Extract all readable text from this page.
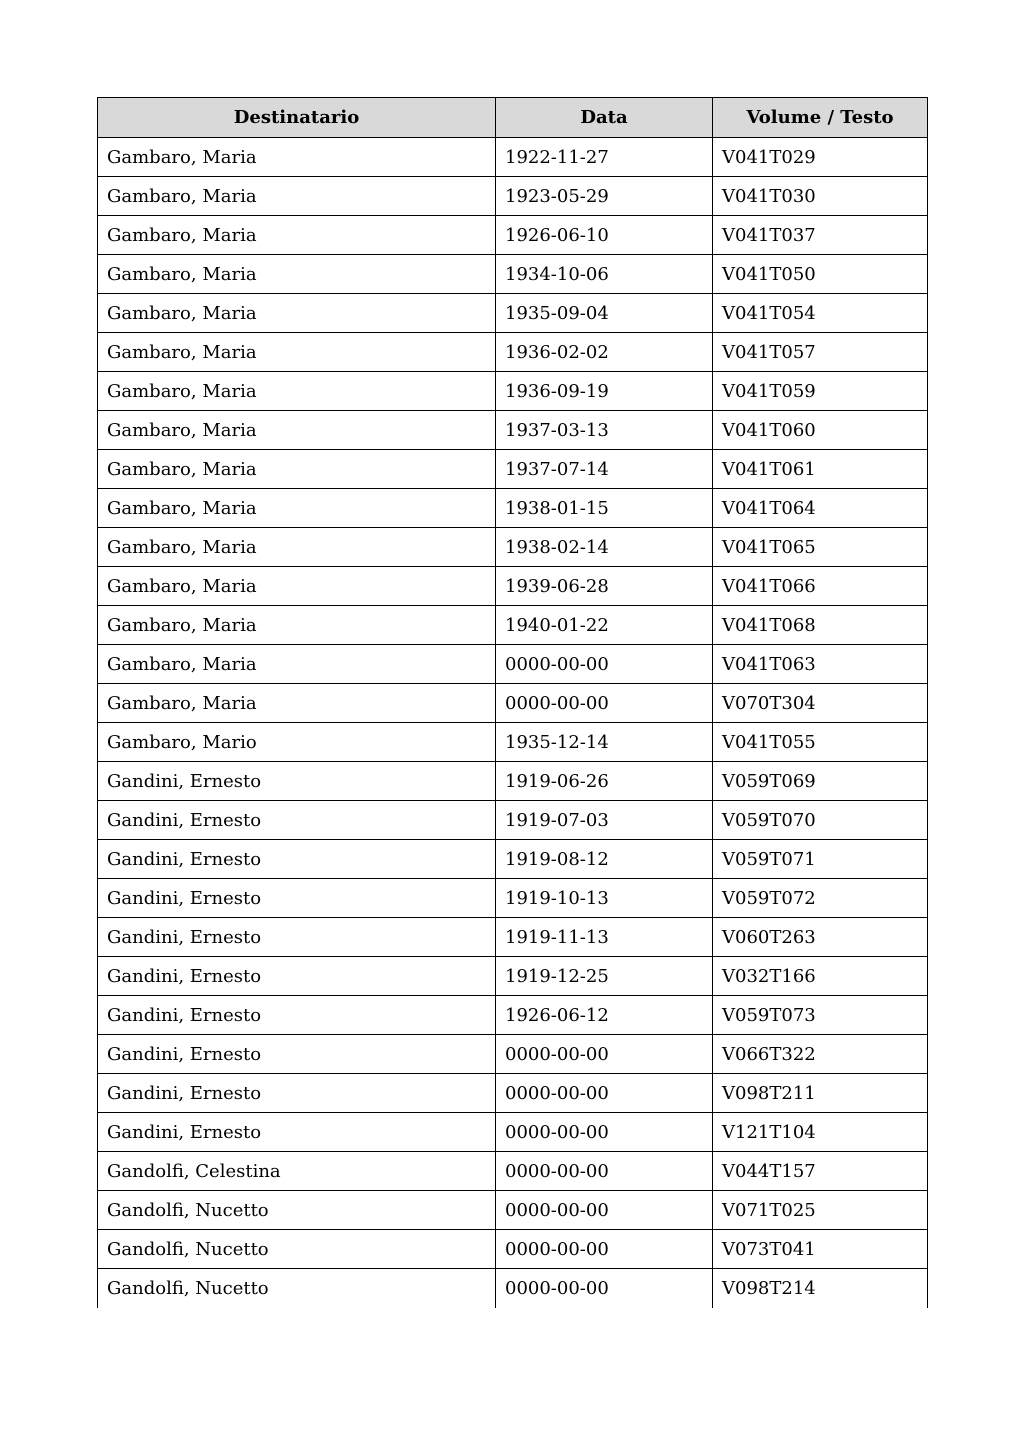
Destinatario	Data	Volume / Testo
Gambaro, Maria	1922-11-27	V041T029
Gambaro, Maria	1923-05-29	V041T030
Gambaro, Maria	1926-06-10	V041T037
Gambaro, Maria	1934-10-06	V041T050
Gambaro, Maria	1935-09-04	V041T054
Gambaro, Maria	1936-02-02	V041T057
Gambaro, Maria	1936-09-19	V041T059
Gambaro, Maria	1937-03-13	V041T060
Gambaro, Maria	1937-07-14	V041T061
Gambaro, Maria	1938-01-15	V041T064
Gambaro, Maria	1938-02-14	V041T065
Gambaro, Maria	1939-06-28	V041T066
Gambaro, Maria	1940-01-22	V041T068
Gambaro, Maria	0000-00-00	V041T063
Gambaro, Maria	0000-00-00	V070T304
Gambaro, Mario	1935-12-14	V041T055
Gandini, Ernesto	1919-06-26	V059T069
Gandini, Ernesto	1919-07-03	V059T070
Gandini, Ernesto	1919-08-12	V059T071
Gandini, Ernesto	1919-10-13	V059T072
Gandini, Ernesto	1919-11-13	V060T263
Gandini, Ernesto	1919-12-25	V032T166
Gandini, Ernesto	1926-06-12	V059T073
Gandini, Ernesto	0000-00-00	V066T322
Gandini, Ernesto	0000-00-00	V098T211
Gandini, Ernesto	0000-00-00	V121T104
Gandolfi, Celestina	0000-00-00	V044T157
Gandolfi, Nucetto	0000-00-00	V071T025
Gandolfi, Nucetto	0000-00-00	V073T041
Gandolfi, Nucetto	0000-00-00	V098T214
